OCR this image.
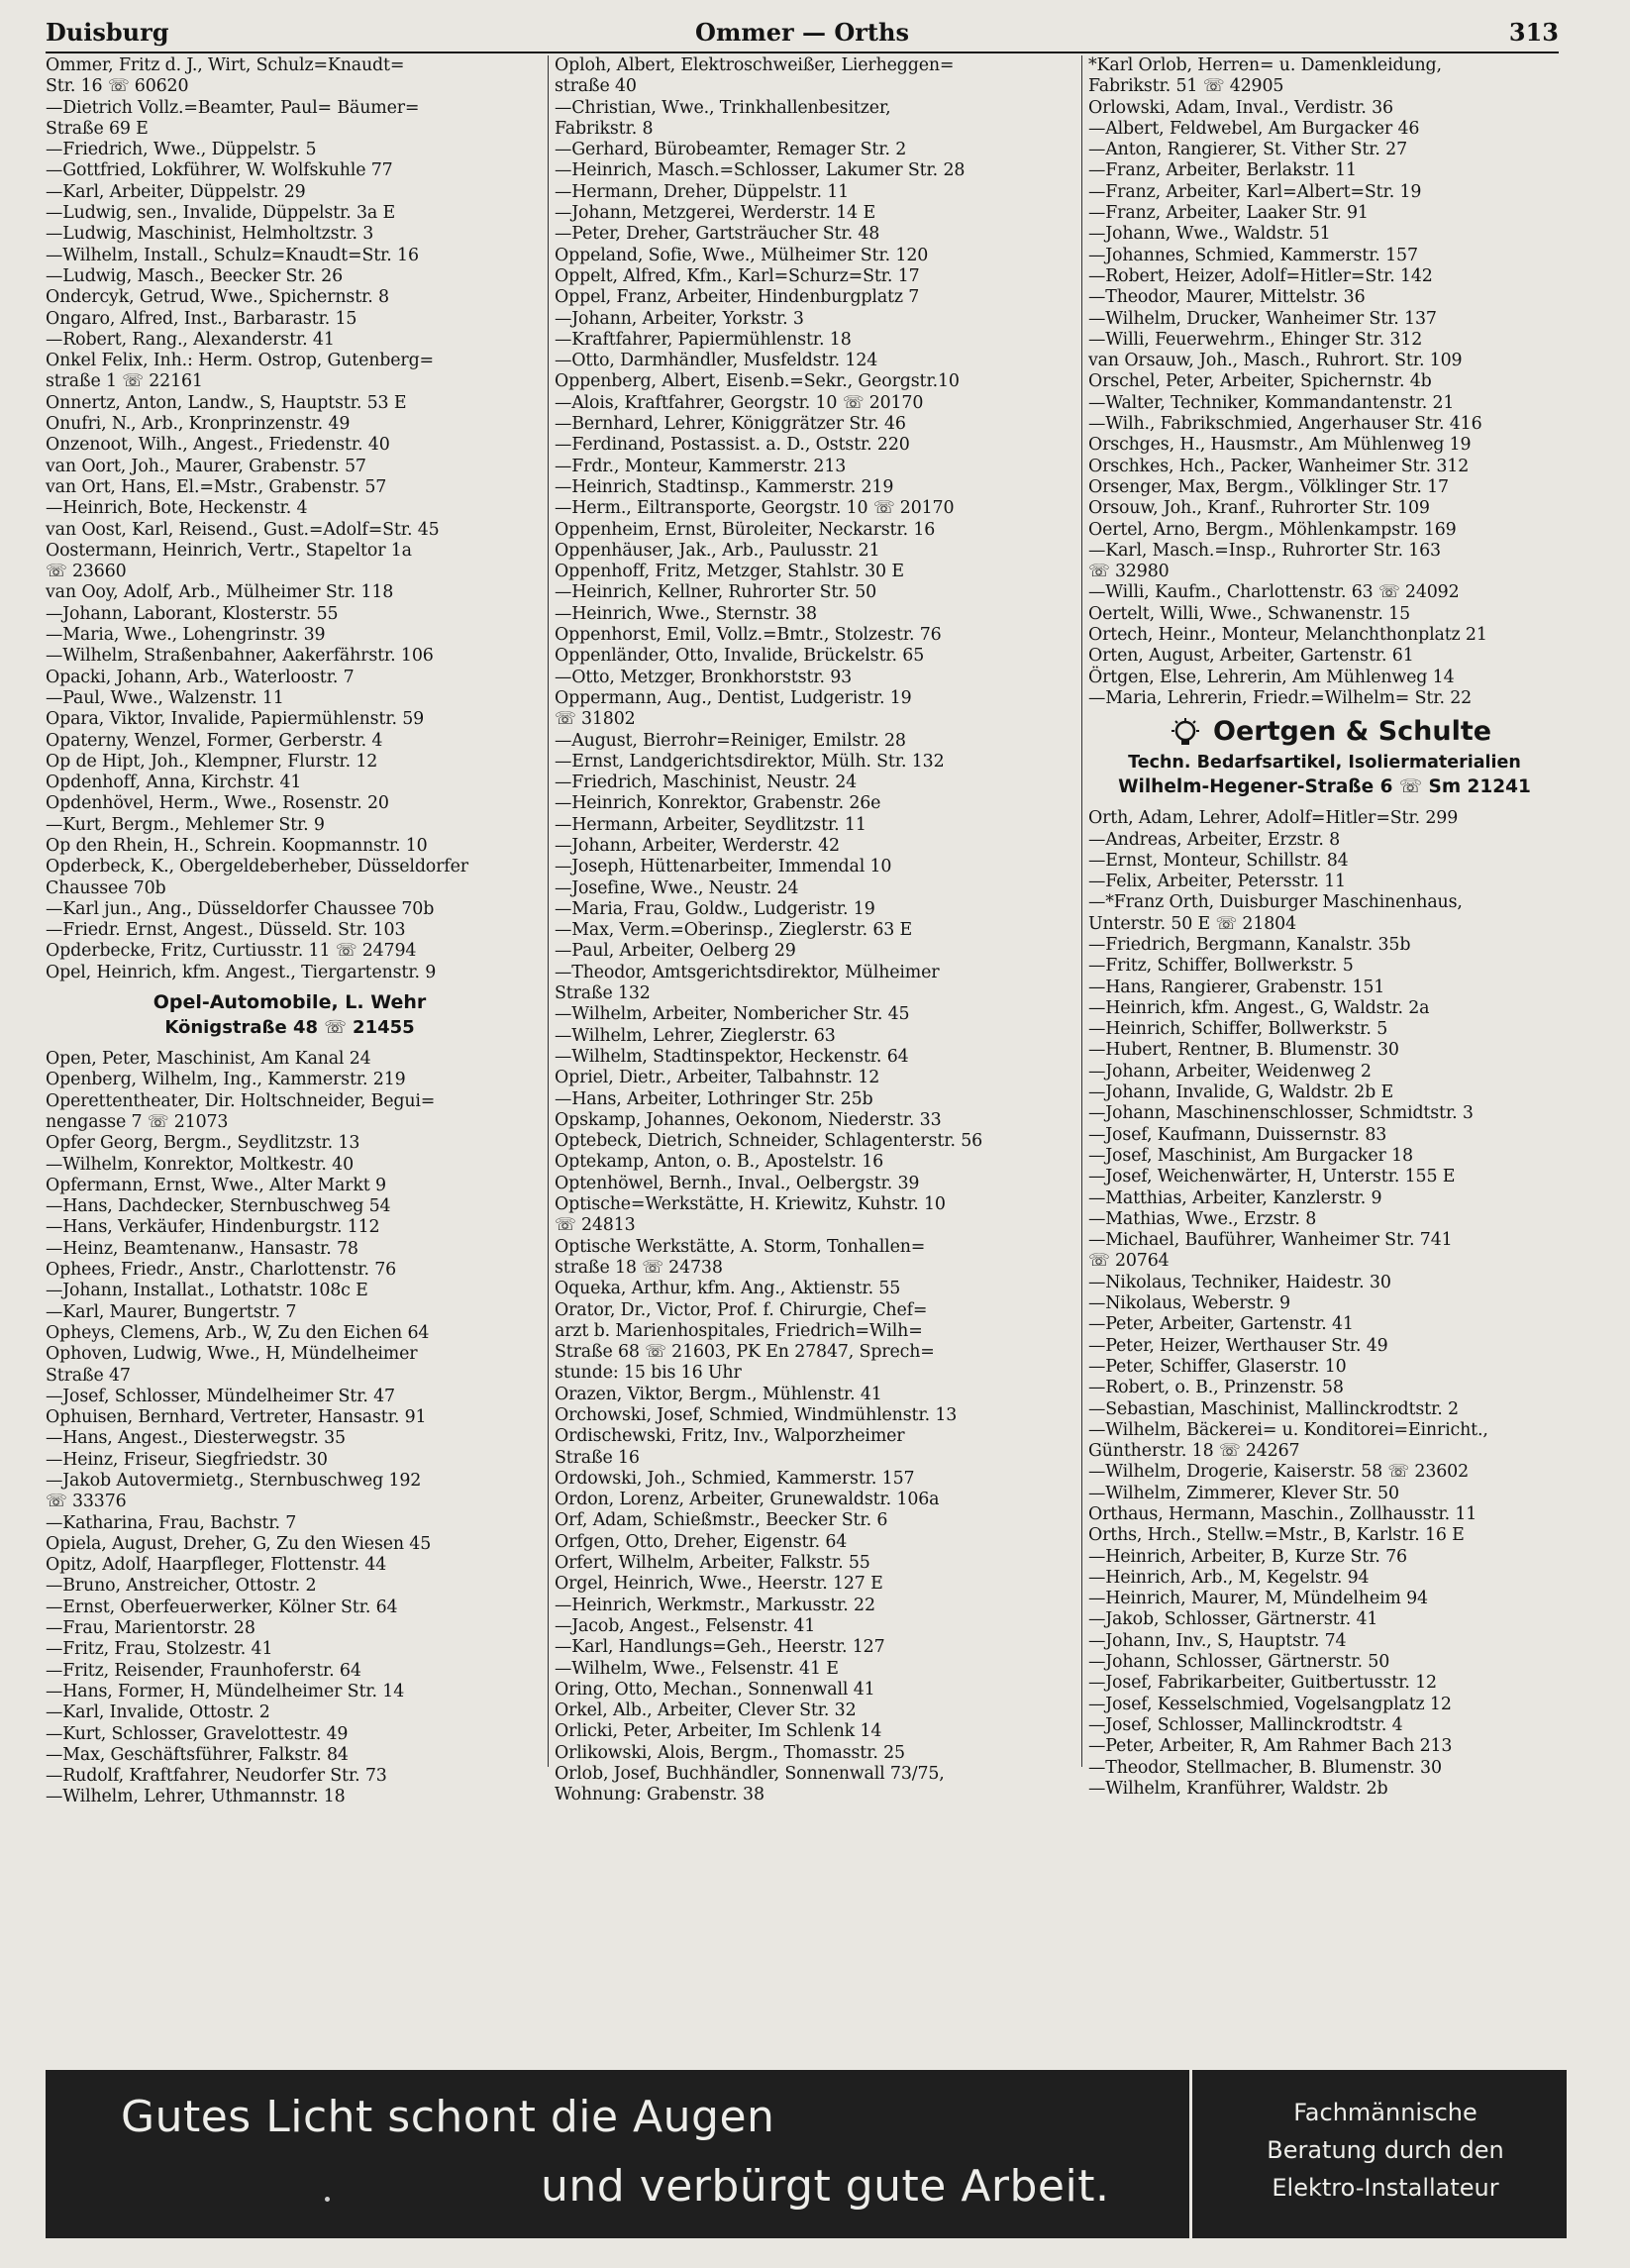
Duisburg	Ommer — Orths	313
Ommer, Fritz d. J., Wirt, Schulz=Knaudt=
Str. 16 ☏ 60620
—Dietrich Vollz.=Beamter, Paul= Bäumer=
Straße 69 E
—Friedrich, Wwe., Düppelstr. 5
—Gottfried, Lokführer, W. Wolfskuhle 77
—Karl, Arbeiter, Düppelstr. 29
—Ludwig, sen., Invalide, Düppelstr. 3a E
—Ludwig, Maschinist, Helmholtzstr. 3
—Wilhelm, Install., Schulz=Knaudt=Str. 16
—Ludwig, Masch., Beecker Str. 26
Ondercyk, Getrud, Wwe., Spichernstr. 8
Ongaro, Alfred, Inst., Barbarastr. 15
—Robert, Rang., Alexanderstr. 41
Onkel Felix, Inh.: Herm. Ostrop, Gutenberg=
straße 1 ☏ 22161
Onnertz, Anton, Landw., S, Hauptstr. 53 E
Onufri, N., Arb., Kronprinzenstr. 49
Onzenoot, Wilh., Angest., Friedenstr. 40
van Oort, Joh., Maurer, Grabenstr. 57
van Ort, Hans, El.=Mstr., Grabenstr. 57
—Heinrich, Bote, Heckenstr. 4
van Oost, Karl, Reisend., Gust.=Adolf=Str. 45
Oostermann, Heinrich, Vertr., Stapeltor 1a
☏ 23660
van Ooy, Adolf, Arb., Mülheimer Str. 118
—Johann, Laborant, Klosterstr. 55
—Maria, Wwe., Lohengrinstr. 39
—Wilhelm, Straßenbahner, Aakerfährstr. 106
Opacki, Johann, Arb., Waterloostr. 7
—Paul, Wwe., Walzenstr. 11
Opara, Viktor, Invalide, Papiermühlenstr. 59
Opaterny, Wenzel, Former, Gerberstr. 4
Op de Hipt, Joh., Klempner, Flurstr. 12
Opdenhoff, Anna, Kirchstr. 41
Opdenhövel, Herm., Wwe., Rosenstr. 20
—Kurt, Bergm., Mehlemer Str. 9
Op den Rhein, H., Schrein. Koopmannstr. 10
Opderbeck, K., Obergeldeberheber, Düsseldorfer
Chaussee 70b
—Karl jun., Ang., Düsseldorfer Chaussee 70b
—Friedr. Ernst, Angest., Düsseld. Str. 103
Opderbecke, Fritz, Curtiusstr. 11 ☏ 24794
Opel, Heinrich, kfm. Angest., Tiergartenstr. 9
Opel-Automobile, L. Wehr
Königstraße 48 ☏ 21455
Open, Peter, Maschinist, Am Kanal 24
Openberg, Wilhelm, Ing., Kammerstr. 219
Operettentheater, Dir. Holtschneider, Begui=
nengasse 7 ☏ 21073
Opfer Georg, Bergm., Seydlitzstr. 13
—Wilhelm, Konrektor, Moltkestr. 40
Opfermann, Ernst, Wwe., Alter Markt 9
—Hans, Dachdecker, Sternbuschweg 54
—Hans, Verkäufer, Hindenburgstr. 112
—Heinz, Beamtenanw., Hansastr. 78
Ophees, Friedr., Anstr., Charlottenstr. 76
—Johann, Installat., Lothatstr. 108c E
—Karl, Maurer, Bungertstr. 7
Opheys, Clemens, Arb., W, Zu den Eichen 64
Ophoven, Ludwig, Wwe., H, Mündelheimer
Straße 47
—Josef, Schlosser, Mündelheimer Str. 47
Ophuisen, Bernhard, Vertreter, Hansastr. 91
—Hans, Angest., Diesterwegstr. 35
—Heinz, Friseur, Siegfriedstr. 30
—Jakob Autovermietg., Sternbuschweg 192
☏ 33376
—Katharina, Frau, Bachstr. 7
Opiela, August, Dreher, G, Zu den Wiesen 45
Opitz, Adolf, Haarpfleger, Flottenstr. 44
—Bruno, Anstreicher, Ottostr. 2
—Ernst, Oberfeuerwerker, Kölner Str. 64
—Frau, Marientorstr. 28
—Fritz, Frau, Stolzestr. 41
—Fritz, Reisender, Fraunhoferstr. 64
—Hans, Former, H, Mündelheimer Str. 14
—Karl, Invalide, Ottostr. 2
—Kurt, Schlosser, Gravelottestr. 49
—Max, Geschäftsführer, Falkstr. 84
—Rudolf, Kraftfahrer, Neudorfer Str. 73
—Wilhelm, Lehrer, Uthmannstr. 18
Oploh, Albert, Elektroschweißer, Lierheggen=
straße 40
—Christian, Wwe., Trinkhallenbesitzer,
Fabrikstr. 8
—Gerhard, Bürobeamter, Remager Str. 2
—Heinrich, Masch.=Schlosser, Lakumer Str. 28
—Hermann, Dreher, Düppelstr. 11
—Johann, Metzgerei, Werderstr. 14 E
—Peter, Dreher, Gartsträucher Str. 48
Oppeland, Sofie, Wwe., Mülheimer Str. 120
Oppelt, Alfred, Kfm., Karl=Schurz=Str. 17
Oppel, Franz, Arbeiter, Hindenburgplatz 7
—Johann, Arbeiter, Yorkstr. 3
—Kraftfahrer, Papiermühlenstr. 18
—Otto, Darmhändler, Musfeldstr. 124
Oppenberg, Albert, Eisenb.=Sekr., Georgstr.10
—Alois, Kraftfahrer, Georgstr. 10 ☏ 20170
—Bernhard, Lehrer, Königgrätzer Str. 46
—Ferdinand, Postassist. a. D., Oststr. 220
—Frdr., Monteur, Kammerstr. 213
—Heinrich, Stadtinsp., Kammerstr. 219
—Herm., Eiltransporte, Georgstr. 10 ☏ 20170
Oppenheim, Ernst, Büroleiter, Neckarstr. 16
Oppenhäuser, Jak., Arb., Paulusstr. 21
Oppenhoff, Fritz, Metzger, Stahlstr. 30 E
—Heinrich, Kellner, Ruhrorter Str. 50
—Heinrich, Wwe., Sternstr. 38
Oppenhorst, Emil, Vollz.=Bmtr., Stolzestr. 76
Oppenländer, Otto, Invalide, Brückelstr. 65
—Otto, Metzger, Bronkhorststr. 93
Oppermann, Aug., Dentist, Ludgeristr. 19
☏ 31802
—August, Bierrohr=Reiniger, Emilstr. 28
—Ernst, Landgerichtsdirektor, Mülh. Str. 132
—Friedrich, Maschinist, Neustr. 24
—Heinrich, Konrektor, Grabenstr. 26e
—Hermann, Arbeiter, Seydlitzstr. 11
—Johann, Arbeiter, Werderstr. 42
—Joseph, Hüttenarbeiter, Immendal 10
—Josefine, Wwe., Neustr. 24
—Maria, Frau, Goldw., Ludgeristr. 19
—Max, Verm.=Oberinsp., Zieglerstr. 63 E
—Paul, Arbeiter, Oelberg 29
—Theodor, Amtsgerichtsdirektor, Mülheimer
Straße 132
—Wilhelm, Arbeiter, Nombericher Str. 45
—Wilhelm, Lehrer, Zieglerstr. 63
—Wilhelm, Stadtinspektor, Heckenstr. 64
Opriel, Dietr., Arbeiter, Talbahnstr. 12
—Hans, Arbeiter, Lothringer Str. 25b
Opskamp, Johannes, Oekonom, Niederstr. 33
Optebeck, Dietrich, Schneider, Schlagenterstr. 56
Optekamp, Anton, o. B., Apostelstr. 16
Optenhöwel, Bernh., Inval., Oelbergstr. 39
Optische=Werkstätte, H. Kriewitz, Kuhstr. 10
☏ 24813
Optische Werkstätte, A. Storm, Tonhallen=
straße 18 ☏ 24738
Oqueka, Arthur, kfm. Ang., Aktienstr. 55
Orator, Dr., Victor, Prof. f. Chirurgie, Chef=
arzt b. Marienhospitales, Friedrich=Wilh=
Straße 68 ☏ 21603, PK En 27847, Sprech=
stunde: 15 bis 16 Uhr
Orazen, Viktor, Bergm., Mühlenstr. 41
Orchowski, Josef, Schmied, Windmühlenstr. 13
Ordischewski, Fritz, Inv., Walporzheimer
Straße 16
Ordowski, Joh., Schmied, Kammerstr. 157
Ordon, Lorenz, Arbeiter, Grunewaldstr. 106a
Orf, Adam, Schießmstr., Beecker Str. 6
Orfgen, Otto, Dreher, Eigenstr. 64
Orfert, Wilhelm, Arbeiter, Falkstr. 55
Orgel, Heinrich, Wwe., Heerstr. 127 E
—Heinrich, Werkmstr., Markusstr. 22
—Jacob, Angest., Felsenstr. 41
—Karl, Handlungs=Geh., Heerstr. 127
—Wilhelm, Wwe., Felsenstr. 41 E
Oring, Otto, Mechan., Sonnenwall 41
Orkel, Alb., Arbeiter, Clever Str. 32
Orlicki, Peter, Arbeiter, Im Schlenk 14
Orlikowski, Alois, Bergm., Thomasstr. 25
Orlob, Josef, Buchhändler, Sonnenwall 73/75,
Wohnung: Grabenstr. 38
*Karl Orlob, Herren= u. Damenkleidung,
Fabrikstr. 51 ☏ 42905
Orlowski, Adam, Inval., Verdistr. 36
—Albert, Feldwebel, Am Burgacker 46
—Anton, Rangierer, St. Vither Str. 27
—Franz, Arbeiter, Berlakstr. 11
—Franz, Arbeiter, Karl=Albert=Str. 19
—Franz, Arbeiter, Laaker Str. 91
—Johann, Wwe., Waldstr. 51
—Johannes, Schmied, Kammerstr. 157
—Robert, Heizer, Adolf=Hitler=Str. 142
—Theodor, Maurer, Mittelstr. 36
—Wilhelm, Drucker, Wanheimer Str. 137
—Willi, Feuerwehrm., Ehinger Str. 312
van Orsauw, Joh., Masch., Ruhrort. Str. 109
Orschel, Peter, Arbeiter, Spichernstr. 4b
—Walter, Techniker, Kommandantenstr. 21
—Wilh., Fabrikschmied, Angerhauser Str. 416
Orschges, H., Hausmstr., Am Mühlenweg 19
Orschkes, Hch., Packer, Wanheimer Str. 312
Orsenger, Max, Bergm., Völklinger Str. 17
Orsouw, Joh., Kranf., Ruhrorter Str. 109
Oertel, Arno, Bergm., Möhlenkampstr. 169
—Karl, Masch.=Insp., Ruhrorter Str. 163
☏ 32980
—Willi, Kaufm., Charlottenstr. 63 ☏ 24092
Oertelt, Willi, Wwe., Schwanenstr. 15
Ortech, Heinr., Monteur, Melanchthonplatz 21
Orten, August, Arbeiter, Gartenstr. 61
Örtgen, Else, Lehrerin, Am Mühlenweg 14
—Maria, Lehrerin, Friedr.=Wilhelm= Str. 22
Oertgen & Schulte
Techn. Bedarfsartikel, Isoliermaterialien
Wilhelm-Hegener-Straße 6 ☏ Sm 21241
Orth, Adam, Lehrer, Adolf=Hitler=Str. 299
—Andreas, Arbeiter, Erzstr. 8
—Ernst, Monteur, Schillstr. 84
—Felix, Arbeiter, Petersstr. 11
—*Franz Orth, Duisburger Maschinenhaus,
Unterstr. 50 E ☏ 21804
—Friedrich, Bergmann, Kanalstr. 35b
—Fritz, Schiffer, Bollwerkstr. 5
—Hans, Rangierer, Grabenstr. 151
—Heinrich, kfm. Angest., G, Waldstr. 2a
—Heinrich, Schiffer, Bollwerkstr. 5
—Hubert, Rentner, B. Blumenstr. 30
—Johann, Arbeiter, Weidenweg 2
—Johann, Invalide, G, Waldstr. 2b E
—Johann, Maschinenschlosser, Schmidtstr. 3
—Josef, Kaufmann, Duissernstr. 83
—Josef, Maschinist, Am Burgacker 18
—Josef, Weichenwärter, H, Unterstr. 155 E
—Matthias, Arbeiter, Kanzlerstr. 9
—Mathias, Wwe., Erzstr. 8
—Michael, Bauführer, Wanheimer Str. 741
☏ 20764
—Nikolaus, Techniker, Haidestr. 30
—Nikolaus, Weberstr. 9
—Peter, Arbeiter, Gartenstr. 41
—Peter, Heizer, Werthauser Str. 49
—Peter, Schiffer, Glaserstr. 10
—Robert, o. B., Prinzenstr. 58
—Sebastian, Maschinist, Mallinckrodtstr. 2
—Wilhelm, Bäckerei= u. Konditorei=Einricht.,
Güntherstr. 18 ☏ 24267
—Wilhelm, Drogerie, Kaiserstr. 58 ☏ 23602
—Wilhelm, Zimmerer, Klever Str. 50
Orthaus, Hermann, Maschin., Zollhausstr. 11
Orths, Hrch., Stellw.=Mstr., B, Karlstr. 16 E
—Heinrich, Arbeiter, B, Kurze Str. 76
—Heinrich, Arb., M, Kegelstr. 94
—Heinrich, Maurer, M, Mündelheim 94
—Jakob, Schlosser, Gärtnerstr. 41
—Johann, Inv., S, Hauptstr. 74
—Johann, Schlosser, Gärtnerstr. 50
—Josef, Fabrikarbeiter, Guitbertusstr. 12
—Josef, Kesselschmied, Vogelsangplatz 12
—Josef, Schlosser, Mallinckrodtstr. 4
—Peter, Arbeiter, R, Am Rahmer Bach 213
—Theodor, Stellmacher, B. Blumenstr. 30
—Wilhelm, Kranführer, Waldstr. 2b
Gutes Licht schont die Augen
und verbürgt gute Arbeit.
Fachmännische
Beratung durch den
Elektro-Installateur
